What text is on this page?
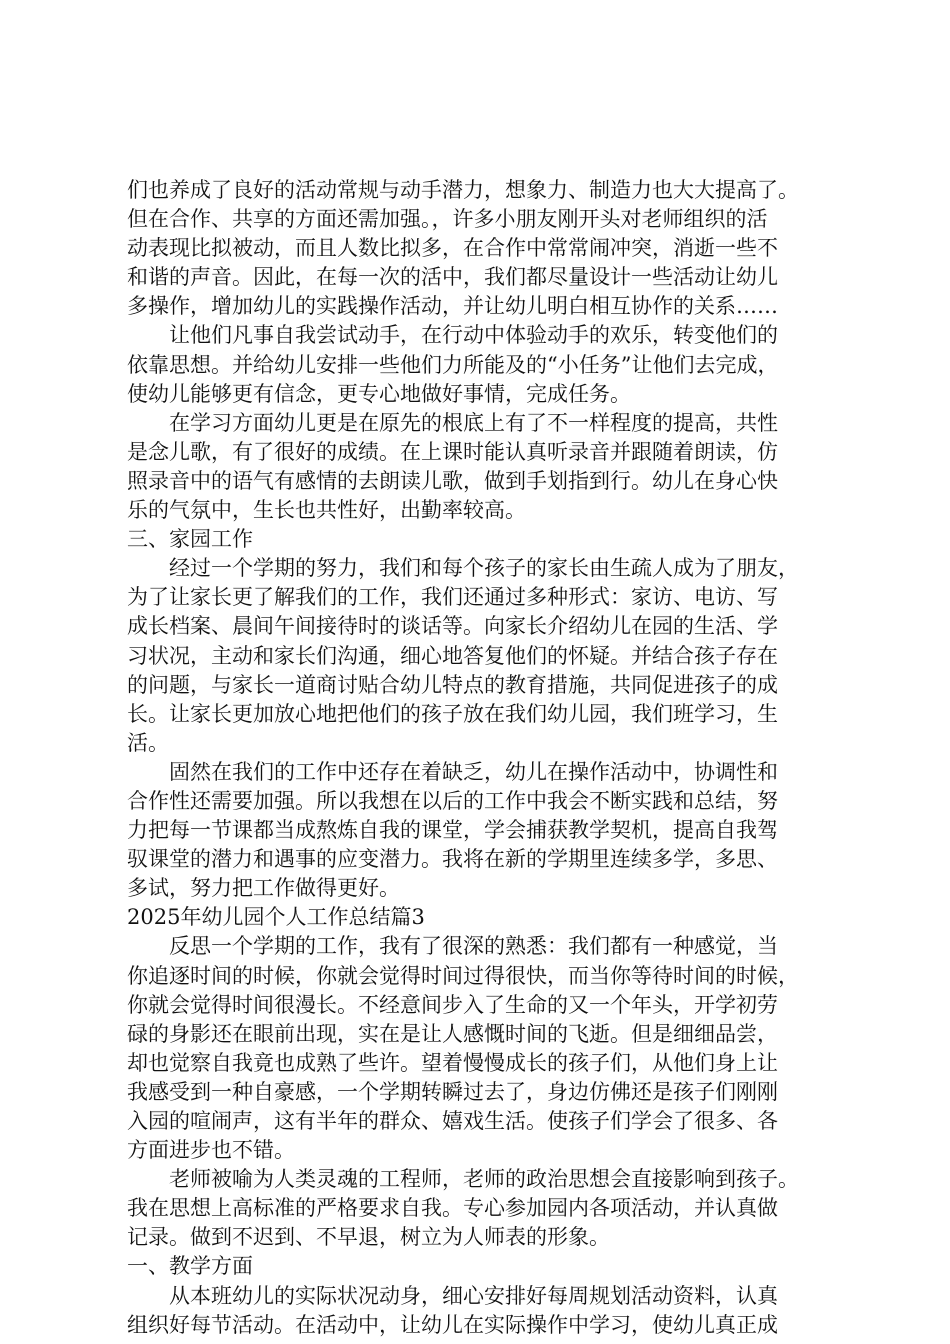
们也养成了良好的活动常规与动手潜力，想象力、制造力也大大提高了。

但在合作、共享的方面还需加强。，许多小朋友刚开头对老师组织的活

动表现比拟被动，而且人数比拟多，在合作中常常闹冲突，消逝一些不

和谐的声音。因此，在每一次的活中，我们都尽量设计一些活动让幼儿

多操作，增加幼儿的实践操作活动，并让幼儿明白相互协作的关系……

让他们凡事自我尝试动手，在行动中体验动手的欢乐，转变他们的

依靠思想。并给幼儿安排一些他们力所能及的“小任务”让他们去完成，

使幼儿能够更有信念，更专心地做好事情，完成任务。

在学习方面幼儿更是在原先的根底上有了不一样程度的提高，共性

是念儿歌，有了很好的成绩。在上课时能认真听录音并跟随着朗读，仿

照录音中的语气有感情的去朗读儿歌，做到手划指到行。幼儿在身心快

乐的气氛中，生长也共性好，出勤率较高。

三、家园工作

经过一个学期的努力，我们和每个孩子的家长由生疏人成为了朋友，

为了让家长更了解我们的工作，我们还通过多种形式：家访、电访、写

成长档案、晨间午间接待时的谈话等。向家长介绍幼儿在园的生活、学

习状况，主动和家长们沟通，细心地答复他们的怀疑。并结合孩子存在

的问题，与家长一道商讨贴合幼儿特点的教育措施，共同促进孩子的成

长。让家长更加放心地把他们的孩子放在我们幼儿园，我们班学习，生

活。

固然在我们的工作中还存在着缺乏，幼儿在操作活动中，协调性和

合作性还需要加强。所以我想在以后的工作中我会不断实践和总结，努

力把每一节课都当成熬炼自我的课堂，学会捕获教学契机，提高自我驾

驭课堂的潜力和遇事的应变潜力。我将在新的学期里连续多学，多思、

多试，努力把工作做得更好。

2025年幼儿园个人工作总结篇3

反思一个学期的工作，我有了很深的熟悉：我们都有一种感觉，当

你追逐时间的时候，你就会觉得时间过得很快，而当你等待时间的时候，

你就会觉得时间很漫长。不经意间步入了生命的又一个年头，开学初劳

碌的身影还在眼前出现，实在是让人感慨时间的飞逝。但是细细品尝，

却也觉察自我竟也成熟了些许。望着慢慢成长的孩子们，从他们身上让

我感受到一种自豪感，一个学期转瞬过去了，身边仿佛还是孩子们刚刚

入园的喧闹声，这有半年的群众、嬉戏生活。使孩子们学会了很多、各

方面进步也不错。

老师被喻为人类灵魂的工程师，老师的政治思想会直接影响到孩子。

我在思想上高标准的严格要求自我。专心参加园内各项活动，并认真做

记录。做到不迟到、不早退，树立为人师表的形象。

一、教学方面

从本班幼儿的实际状况动身，细心安排好每周规划活动资料，认真

组织好每节活动。在活动中，让幼儿在实际操作中学习，使幼儿真正成
